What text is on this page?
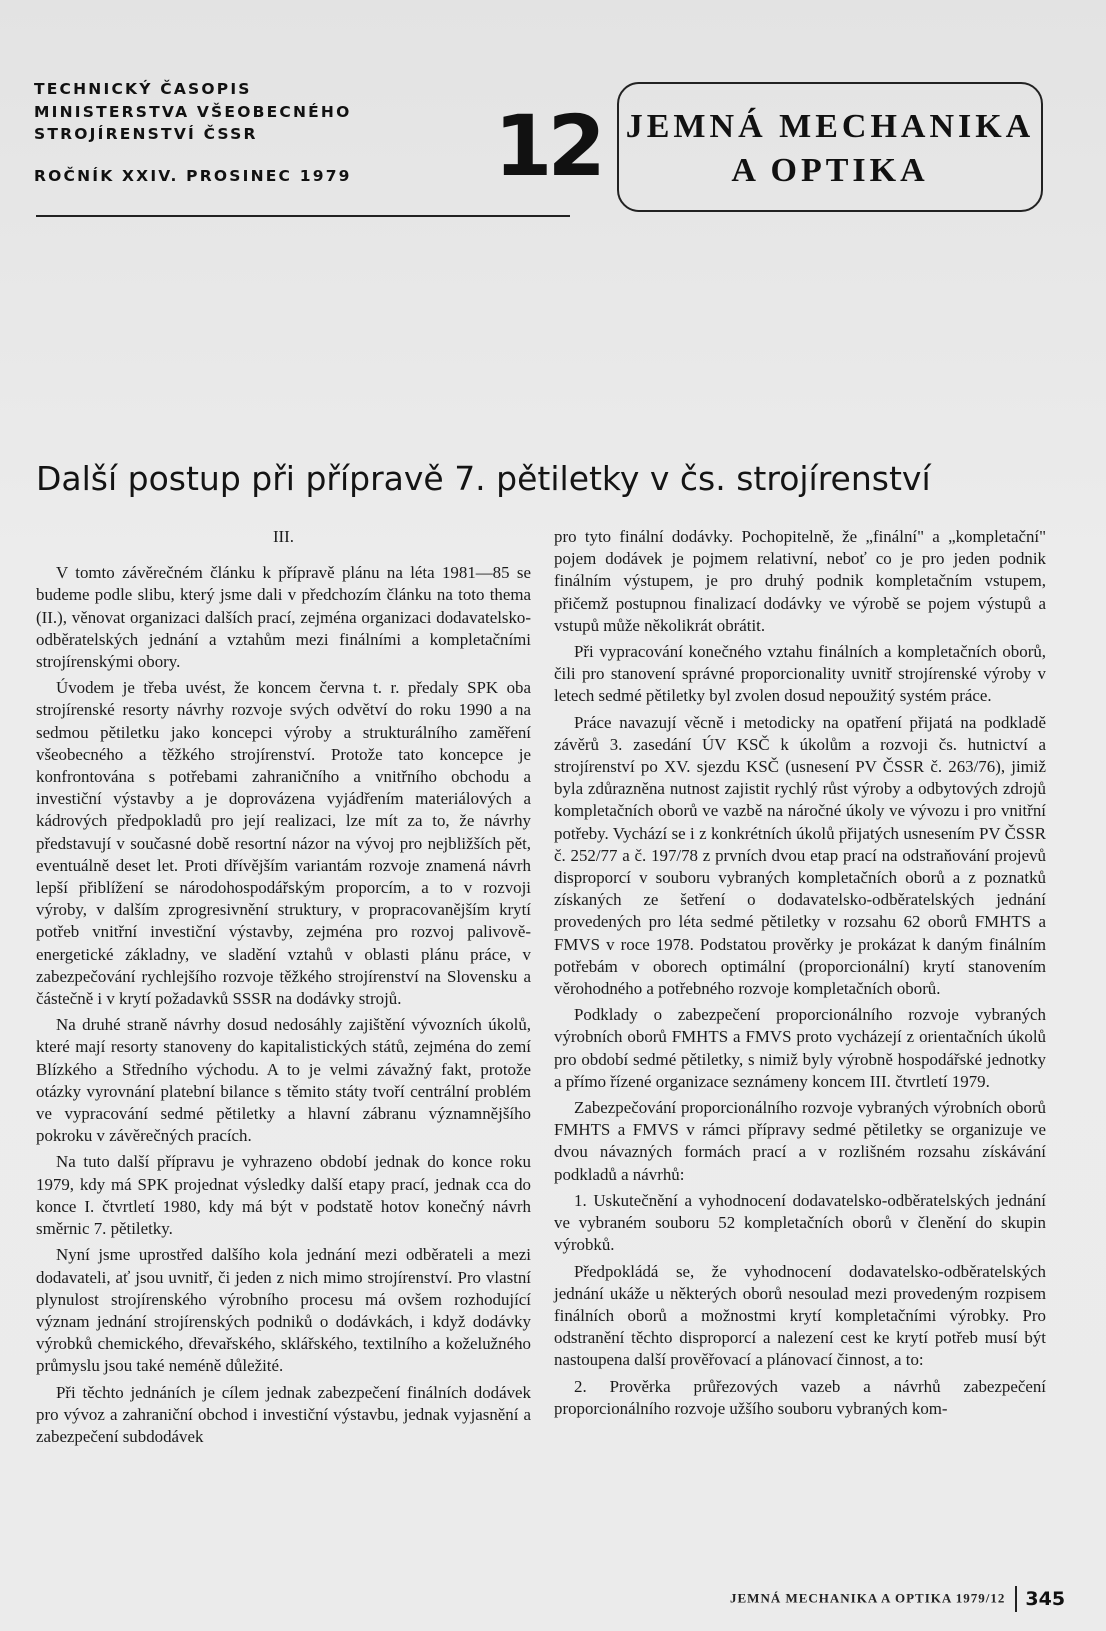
TECHNICKÝ ČASOPIS
MINISTERSTVA VŠEOBECNÉHO
STROJÍRENSTVÍ ČSSR
ROČNÍK XXIV. PROSINEC 1979 12 JEMNÁ MECHANIKA
A OPTIKA
Další postup při přípravě 7. pětiletky v čs. strojírenství
III.

V tomto závěrečném článku k přípravě plánu na léta 1981—85 se budeme podle slibu, který jsme dali v předchozím článku na toto thema (II.), věnovat organizaci dalších prací, zejména organizaci dodavatelsko-odběratelských jednání a vztahům mezi finálními a kompletačními strojírenskými obory.

Úvodem je třeba uvést, že koncem června t. r. předaly SPK oba strojírenské resorty návrhy rozvoje svých odvětví do roku 1990 a na sedmou pětiletku jako koncepci výroby a strukturálního zaměření všeobecného a těžkého strojírenství. Protože tato koncepce je konfrontována s potřebami zahraničního a vnitřního obchodu a investiční výstavby a je doprovázena vyjádřením materiálových a kádrových předpokladů pro její realizaci, lze mít za to, že návrhy představují v současné době resortní názor na vývoj pro nejbližších pět, eventuálně deset let. Proti dřívějším variantám rozvoje znamená návrh lepší přiblížení se národohospodářským proporcím, a to v rozvoji výroby, v dalším zprogresivnění struktury, v propracovanějším krytí potřeb vnitřní investiční výstavby, zejména pro rozvoj palivově-energetické základny, ve sladění vztahů v oblasti plánu práce, v zabezpečování rychlejšího rozvoje těžkého strojírenství na Slovensku a částečně i v krytí požadavků SSSR na dodávky strojů.

Na druhé straně návrhy dosud nedosáhly zajištění vývozních úkolů, které mají resorty stanoveny do kapitalistických států, zejména do zemí Blízkého a Středního východu. A to je velmi závažný fakt, protože otázky vyrovnání platební bilance s těmito státy tvoří centrální problém ve vypracování sedmé pětiletky a hlavní zábranu významnějšího pokroku v závěrečných pracích.

Na tuto další přípravu je vyhrazeno období jednak do konce roku 1979, kdy má SPK projednat výsledky další etapy prací, jednak cca do konce I. čtvrtletí 1980, kdy má být v podstatě hotov konečný návrh směrnic 7. pětiletky.

Nyní jsme uprostřed dalšího kola jednání mezi odběrateli a mezi dodavateli, ať jsou uvnitř, či jeden z nich mimo strojírenství. Pro vlastní plynulost strojírenského výrobního procesu má ovšem rozhodující význam jednání strojírenských podniků o dodávkách, i když dodávky výrobků chemického, dřevařského, sklářského, textilního a koželužného průmyslu jsou také neméně důležité.

Při těchto jednáních je cílem jednak zabezpečení finálních dodávek pro vývoz a zahraniční obchod i investiční výstavbu, jednak vyjasnění a zabezpečení subdodávek

pro tyto finální dodávky. Pochopitelně, že „finální" a „kompletační" pojem dodávek je pojmem relativní, neboť co je pro jeden podnik finálním výstupem, je pro druhý podnik kompletačním vstupem, přičemž postupnou finalizací dodávky ve výrobě se pojem výstupů a vstupů může několikrát obrátit.

Při vypracování konečného vztahu finálních a kompletačních oborů, čili pro stanovení správné proporcionality uvnitř strojírenské výroby v letech sedmé pětiletky byl zvolen dosud nepoužitý systém práce.

Práce navazují věcně i metodicky na opatření přijatá na podkladě závěrů 3. zasedání ÚV KSČ k úkolům a rozvoji čs. hutnictví a strojírenství po XV. sjezdu KSČ (usnesení PV ČSSR č. 263/76), jimiž byla zdůrazněna nutnost zajistit rychlý růst výroby a odbytových zdrojů kompletačních oborů ve vazbě na náročné úkoly ve vývozu i pro vnitřní potřeby. Vychází se i z konkrétních úkolů přijatých usnesením PV ČSSR č. 252/77 a č. 197/78 z prvních dvou etap prací na odstraňování projevů disproporcí v souboru vybraných kompletačních oborů a z poznatků získaných ze šetření o dodavatelsko-odběratelských jednání provedených pro léta sedmé pětiletky v rozsahu 62 oborů FMHTS a FMVS v roce 1978. Podstatou prověrky je prokázat k daným finálním potřebám v oborech optimální (proporcionální) krytí stanovením věrohodného a potřebného rozvoje kompletačních oborů.

Podklady o zabezpečení proporcionálního rozvoje vybraných výrobních oborů FMHTS a FMVS proto vycházejí z orientačních úkolů pro období sedmé pětiletky, s nimiž byly výrobně hospodářské jednotky a přímo řízené organizace seznámeny koncem III. čtvrtletí 1979.

Zabezpečování proporcionálního rozvoje vybraných výrobních oborů FMHTS a FMVS v rámci přípravy sedmé pětiletky se organizuje ve dvou návazných formách prací a v rozlišném rozsahu získávání podkladů a návrhů:

1. Uskutečnění a vyhodnocení dodavatelsko-odběratelských jednání ve vybraném souboru 52 kompletačních oborů v členění do skupin výrobků.

Předpokládá se, že vyhodnocení dodavatelsko-odběratelských jednání ukáže u některých oborů nesoulad mezi provedeným rozpisem finálních oborů a možnostmi krytí kompletačními výrobky. Pro odstranění těchto disproporcí a nalezení cest ke krytí potřeb musí být nastoupena další prověřovací a plánovací činnost, a to:

2. Prověrka průřezových vazeb a návrhů zabezpečení proporcionálního rozvoje užšího souboru vybraných kom-

JEMNÁ MECHANIKA A OPTIKA 1979/12 345
